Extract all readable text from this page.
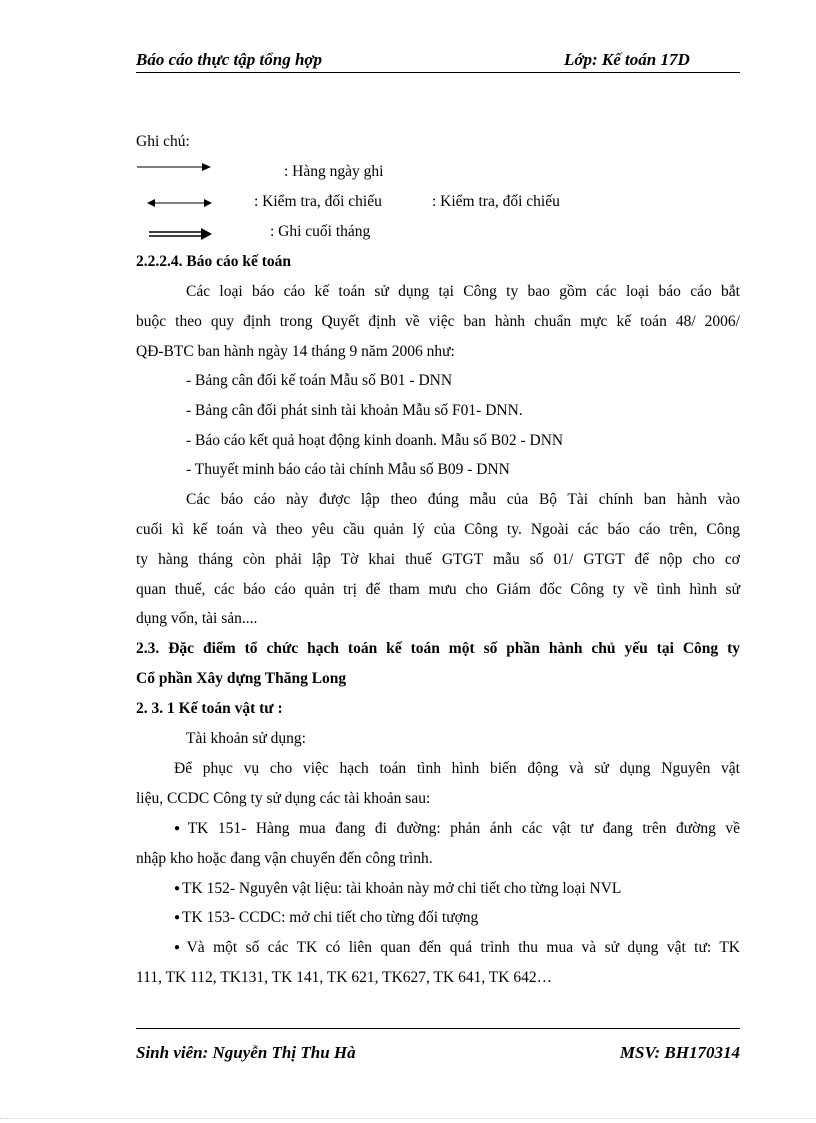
Báo cáo thực tập tổng hợp	Lớp: Kế toán 17D
Ghi chú:
: Hàng ngày ghi
: Kiểm tra, đối chiếu	: Kiểm tra, đối chiếu
: Ghi cuối tháng
2.2.2.4. Báo cáo kế toán
Các loại báo cáo kế toán sử dụng tại Công ty bao gồm các loại báo cáo bắt
buộc theo quy định trong Quyết định về việc ban hành chuẩn mực kế toán 48/ 2006/
QĐ-BTC ban hành ngày 14 tháng 9 năm 2006 như:
- Bảng cân đối kế toán Mẫu số B01 - DNN
- Bảng cân đối phát sinh tài khoản Mẫu số F01- DNN.
- Báo cáo kết quả hoạt động kinh doanh. Mẫu số B02 - DNN
- Thuyết minh báo cáo tài chính Mẫu số B09 - DNN
Các báo cáo này được lập theo đúng mẫu của Bộ Tài chính ban hành vào
cuối kì kế toán và theo yêu cầu quản lý của Công ty. Ngoài các báo cáo trên, Công
ty hàng tháng còn phải lập Tờ khai thuế GTGT mẫu số 01/ GTGT để nộp cho cơ
quan thuế, các báo cáo quản trị để tham mưu cho Giám đốc Công ty về tình hình sử
dụng vốn, tài sản....
2.3. Đặc điểm tổ chức hạch toán kế toán một số phần hành chủ yếu tại Công ty
Cổ phần Xây dựng Thăng Long
2. 3. 1 Kế toán vật tư :
Tài khoản sử dụng:
Để phục vụ cho việc hạch toán tình hình biến động và sử dụng Nguyên vật
liệu, CCDC Công ty sử dụng các tài khoản sau:
● TK 151- Hàng mua đang đi đường: phản ánh các vật tư đang trên đường về
nhập kho hoặc đang vận chuyển đến công trình.
● TK 152- Nguyên vật liệu: tài khoản này mở chi tiết cho từng loại NVL
● TK 153- CCDC: mở chi tiết cho từng đối tượng
● Và một số các TK có liên quan đến quá trình thu mua và sử dụng vật tư: TK
111, TK 112, TK131, TK 141, TK 621, TK627, TK 641, TK 642…
Sinh viên: Nguyễn Thị Thu Hà	MSV: BH170314
